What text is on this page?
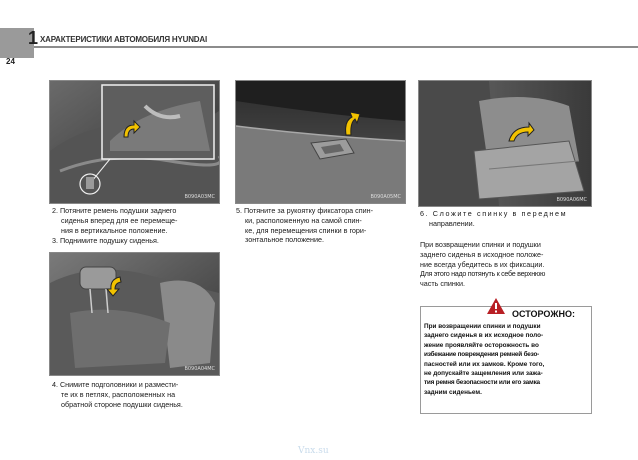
1 ХАРАКТЕРИСТИКИ АВТОМОБИЛЯ HYUNDAI
24
B090A03MC	B090A05MC	B090A06MC
B090A04MC
2. Потяните ремень подушки заднего
сиденья вперед для ее перемеще-
ния в вертикальное положение.
3. Поднимите подушку сиденья.
4. Снимите подголовники и размести-
те их в петлях, расположенных на
обратной стороне подушки сиденья.
5. Потяните за рукоятку фиксатора спин-
ки, расположенную на самой спин-
ке, для перемещения спинки в гори-
зонтальное положение.
6. Сложите спинку в переднем
направлении.
При возвращении спинки и подушки
заднего сиденья в исходное положе-
ние всегда убедитесь в их фиксации.
Для этого надо потянуть к себе верхнюю
часть спинки.
ОСТОРОЖНО:
При возвращении спинки и подушки
заднего сиденья в их исходное поло-
жение проявляйте осторожность во
избежание повреждения ремней безо-
пасностей или их замков. Кроме того,
не допускайте защемления или зажа-
тия ремня безопасности или его замка
задним сиденьем.
Vnx.su
